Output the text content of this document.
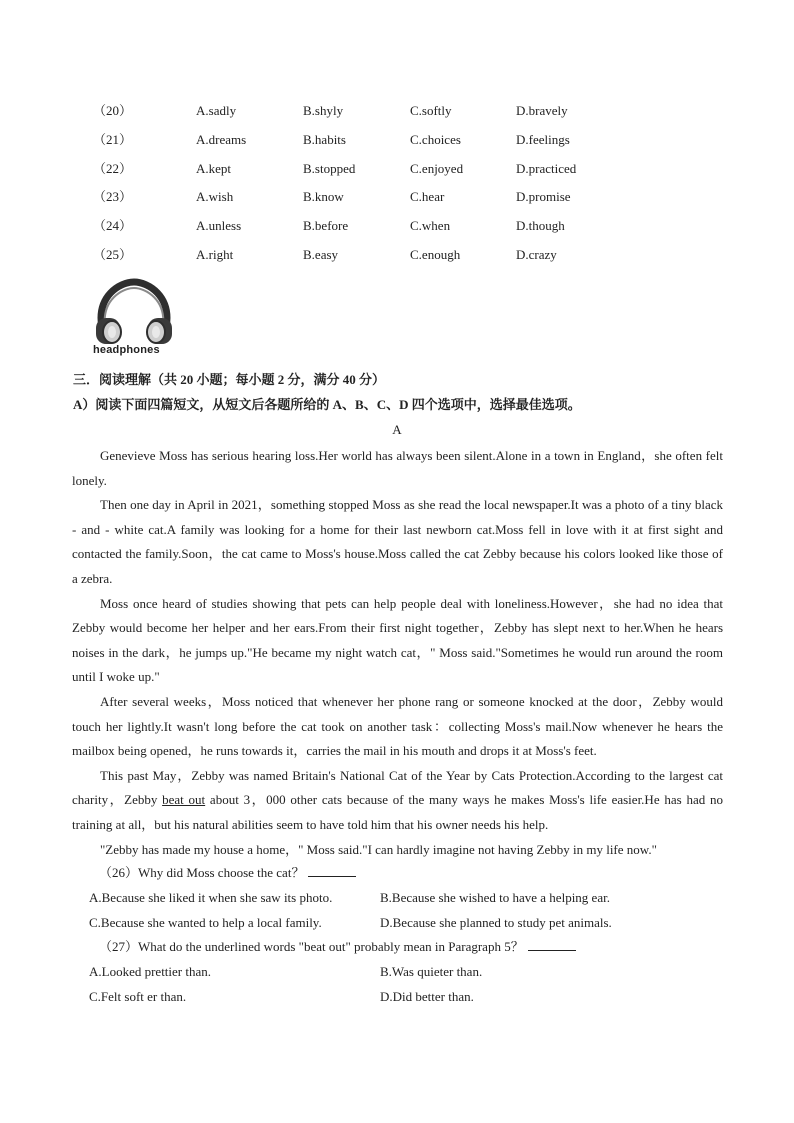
（20）	A.sadly	B.shyly	C.softly	D.bravely
（21）	A.dreams	B.habits	C.choices	D.feelings
（22）	A.kept	B.stopped	C.enjoyed	D.practiced
（23）	A.wish	B.know	C.hear	D.promise
（24）	A.unless	B.before	C.when	D.though
（25）	A.right	B.easy	C.enough	D.crazy
headphones
三．阅读理解（共 20 小题；每小题 2 分，满分 40 分）
A）阅读下面四篇短文，从短文后各题所给的 A、B、C、D 四个选项中，选择最佳选项。
A

Genevieve Moss has serious hearing loss.Her world has always been silent.Alone in a town in England，she often felt lonely.

Then one day in April in 2021，something stopped Moss as she read the local newspaper.It was a photo of a tiny black - and - white cat.A family was looking for a home for their last newborn cat.Moss fell in love with it at first sight and contacted the family.Soon，the cat came to Moss's house.Moss called the cat Zebby because his colors looked like those of a zebra.

Moss once heard of studies showing that pets can help people deal with loneliness.However，she had no idea that Zebby would become her helper and her ears.From their first night together，Zebby has slept next to her.When he hears noises in the dark，he jumps up."He became my night watch cat，" Moss said."Sometimes he would run around the room until I woke up."

After several weeks，Moss noticed that whenever her phone rang or someone knocked at the door，Zebby would touch her lightly.It wasn't long before the cat took on another task：collecting Moss's mail.Now whenever he hears the mailbox being opened，he runs towards it，carries the mail in his mouth and drops it at Moss's feet.

This past May，Zebby was named Britain's National Cat of the Year by Cats Protection.According to the largest cat charity，Zebby beat out about 3，000 other cats because of the many ways he makes Moss's life easier.He has had no training at all，but his natural abilities seem to have told him that his owner needs his help.

"Zebby has made my house a home，" Moss said."I can hardly imagine not having Zebby in my life now."

（26）Why did Moss choose the cat？
A.Because she liked it when she saw its photo.	B.Because she wished to have a helping ear.
C.Because she wanted to help a local family.	D.Because she planned to study pet animals.
（27）What do the underlined words "beat out" probably mean in Paragraph 5？
A.Looked prettier than.	B.Was quieter than.
C.Felt soft er than.	D.Did better than.
